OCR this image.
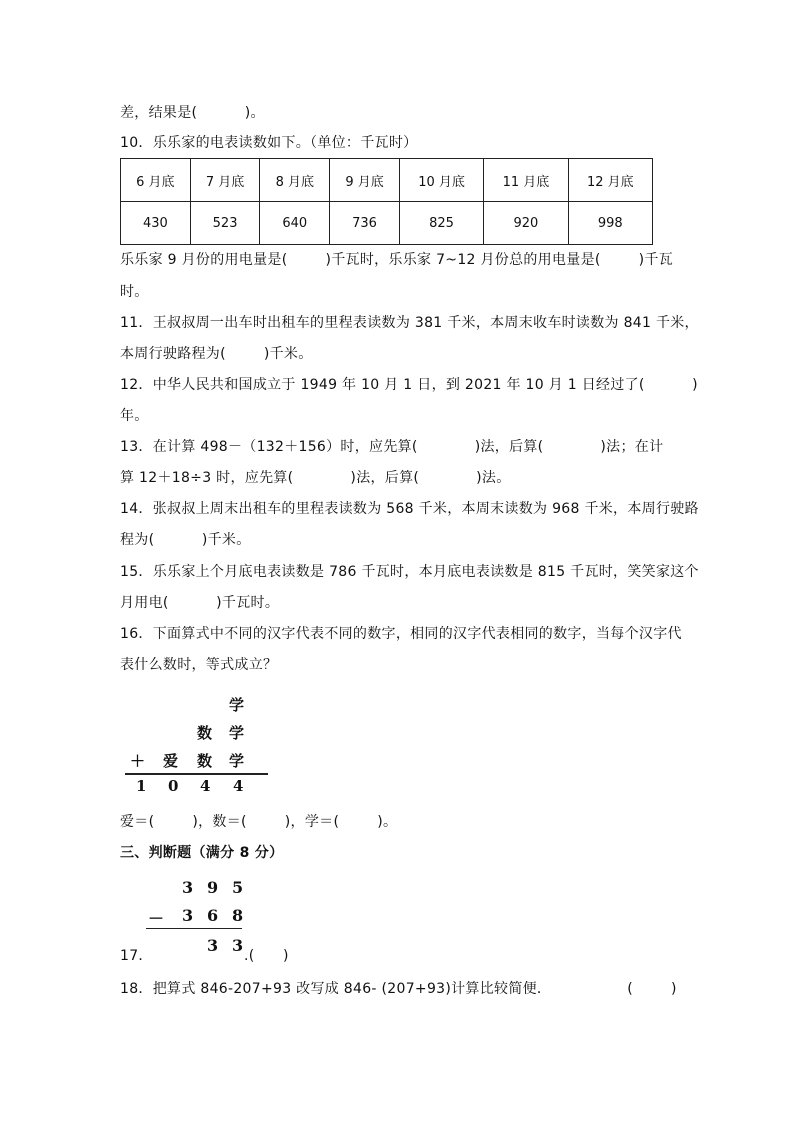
差，结果是(          )。
10．乐乐家的电表读数如下。（单位：千瓦时）
6 月底	7 月底	8 月底	9 月底	10 月底	11 月底	12 月底
430	523	640	736	825	920	998
乐乐家 9 月份的用电量是(        )千瓦时，乐乐家 7~12 月份总的用电量是(        )千瓦
时。
11．王叔叔周一出车时出租车的里程表读数为 381 千米，本周末收车时读数为 841 千米，
本周行驶路程为(        )千米。
12．中华人民共和国成立于 1949 年 10 月 1 日，到 2021 年 10 月 1 日经过了(          )
年。
13．在计算 498－（132＋156）时，应先算(            )法，后算(            )法；在计
算 12＋18÷3 时，应先算(            )法，后算(            )法。
14．张叔叔上周末出租车的里程表读数为 568 千米，本周末读数为 968 千米，本周行驶路
程为(          )千米。
15．乐乐家上个月底电表读数是 786 千瓦时，本月底电表读数是 815 千瓦时，笑笑家这个
月用电(          )千瓦时。
16．下面算式中不同的汉字代表不同的数字，相同的汉字代表相同的数字，当每个汉字代
表什么数时，等式成立？
学
数 学
＋ 爱 数 学
1 0 4 4
爱＝(        )，数＝(        )，学＝(        )。
三、判断题（满分 8 分）
3 9 5
－ 3 6 8
3 3
17．	.(      )
18．把算式 846-207+93 改写成 846- (207+93)计算比较简便．                (        )
